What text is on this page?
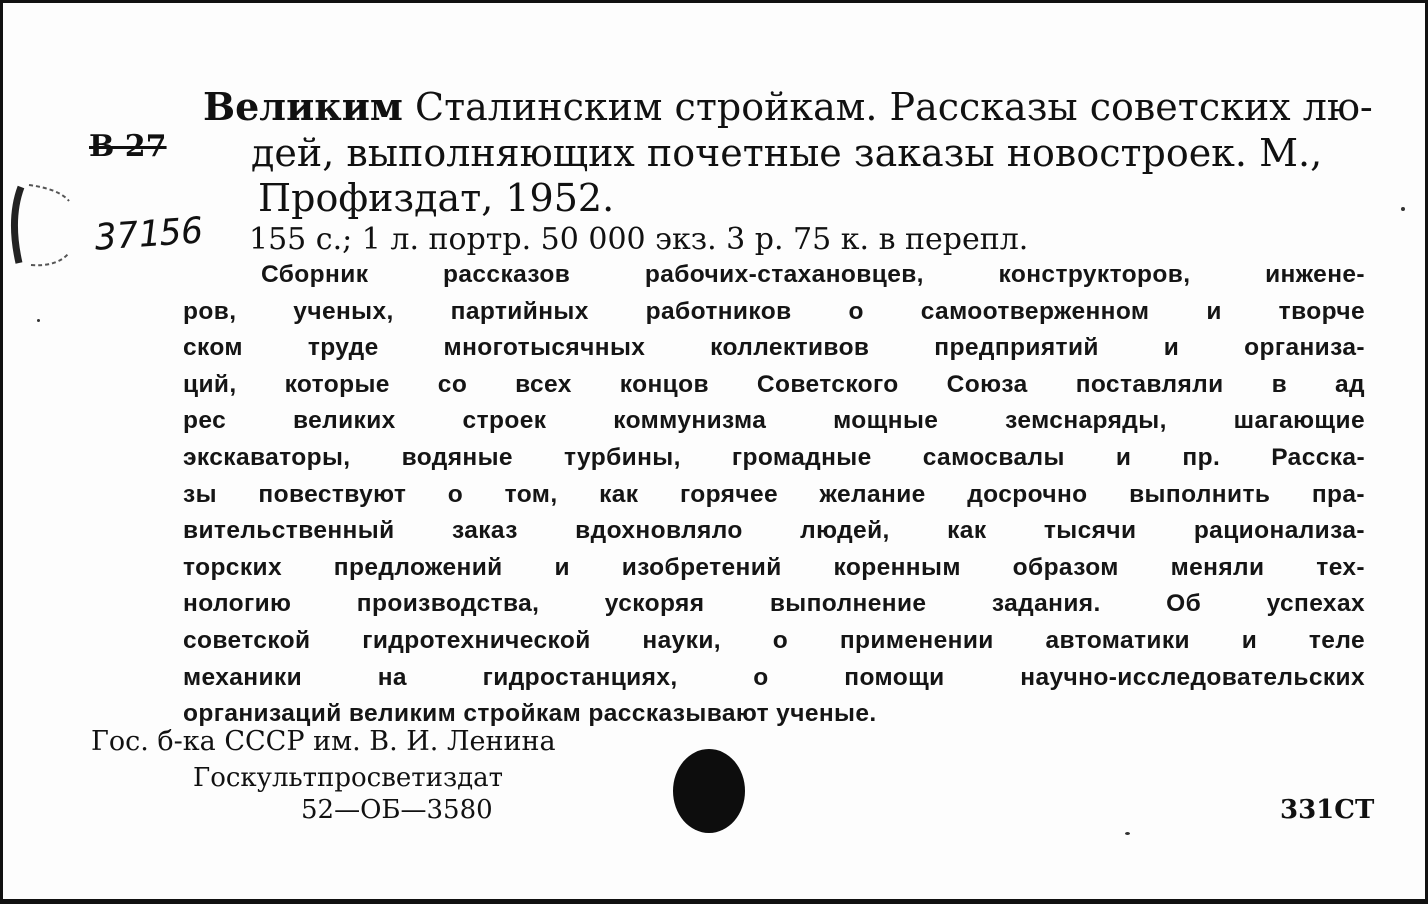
В 27
37156
Великим Сталинским стройкам. Рассказы советских лю-
дей, выполняющих почетные заказы новостроек. М.,
Профиздат, 1952.
155 с.; 1 л. портр. 50 000 экз. 3 р. 75 к. в перепл.
Сборник рассказов рабочих-стахановцев, конструкторов, инжене-
ров, ученых, партийных работников о самоотверженном и творче
ском труде многотысячных коллективов предприятий и организа-
ций, которые со всех концов Советского Союза поставляли в ад
рес великих строек коммунизма мощные земснаряды, шагающие
экскаваторы, водяные турбины, громадные самосвалы и пр. Расска-
зы повествуют о том, как горячее желание досрочно выполнить пра-
вительственный заказ вдохновляло людей, как тысячи рационализа-
торских предложений и изобретений коренным образом меняли тех-
нологию производства, ускоряя выполнение задания. Об успехах
советской гидротехнической науки, о применении автоматики и теле
механики на гидростанциях, о помощи научно-исследовательских
организаций великим стройкам рассказывают ученые.
Гос. б-ка СССР им. В. И. Ленина
Госкультпросветиздат
52—ОБ—3580	331СТ
